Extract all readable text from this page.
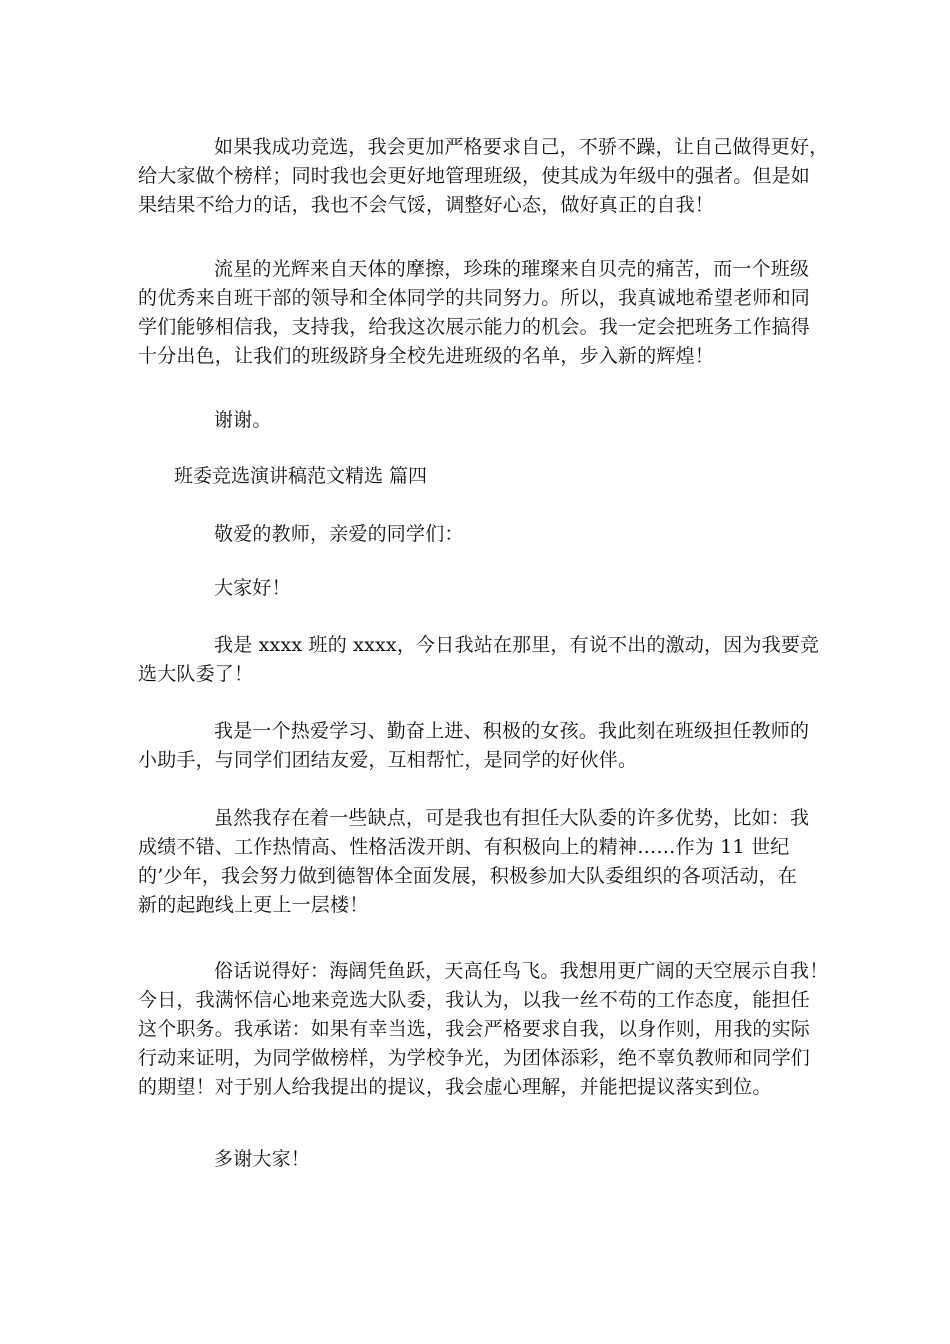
如果我成功竞选，我会更加严格要求自己，不骄不躁，让自己做得更好，
给大家做个榜样；同时我也会更好地管理班级，使其成为年级中的强者。但是如
果结果不给力的话，我也不会气馁，调整好心态，做好真正的自我！

流星的光辉来自天体的摩擦，珍珠的璀璨来自贝壳的痛苦，而一个班级
的优秀来自班干部的领导和全体同学的共同努力。所以，我真诚地希望老师和同
学们能够相信我，支持我，给我这次展示能力的机会。我一定会把班务工作搞得
十分出色，让我们的班级跻身全校先进班级的名单，步入新的辉煌！

谢谢。

班委竞选演讲稿范文精选 篇四

敬爱的教师，亲爱的同学们：

大家好！

我是 xxxx 班的 xxxx，今日我站在那里，有说不出的激动，因为我要竞
选大队委了！

我是一个热爱学习、勤奋上进、积极的女孩。我此刻在班级担任教师的
小助手，与同学们团结友爱，互相帮忙，是同学的好伙伴。

虽然我存在着一些缺点，可是我也有担任大队委的许多优势，比如：我
成绩不错、工作热情高、性格活泼开朗、有积极向上的精神……作为 11 世纪
的’少年，我会努力做到德智体全面发展，积极参加大队委组织的各项活动，在
新的起跑线上更上一层楼！

俗话说得好：海阔凭鱼跃，天高任鸟飞。我想用更广阔的天空展示自我！
今日，我满怀信心地来竞选大队委，我认为，以我一丝不苟的工作态度，能担任
这个职务。我承诺：如果有幸当选，我会严格要求自我，以身作则，用我的实际
行动来证明，为同学做榜样，为学校争光，为团体添彩，绝不辜负教师和同学们
的期望！对于别人给我提出的提议，我会虚心理解，并能把提议落实到位。

多谢大家！
